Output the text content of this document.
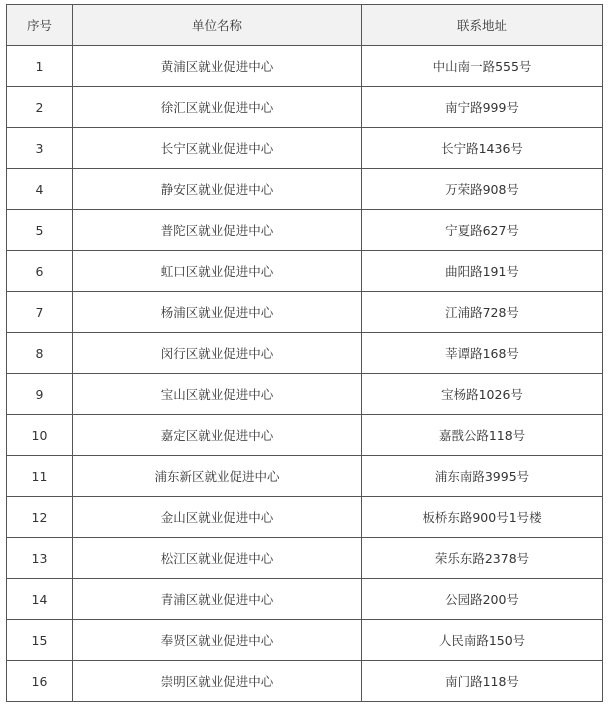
序号	单位名称	联系地址
1	黄浦区就业促进中心	中山南一路555号
2	徐汇区就业促进中心	南宁路999号
3	长宁区就业促进中心	长宁路1436号
4	静安区就业促进中心	万荣路908号
5	普陀区就业促进中心	宁夏路627号
6	虹口区就业促进中心	曲阳路191号
7	杨浦区就业促进中心	江浦路728号
8	闵行区就业促进中心	莘谭路168号
9	宝山区就业促进中心	宝杨路1026号
10	嘉定区就业促进中心	嘉戬公路118号
11	浦东新区就业促进中心	浦东南路3995号
12	金山区就业促进中心	板桥东路900号1号楼
13	松江区就业促进中心	荣乐东路2378号
14	青浦区就业促进中心	公园路200号
15	奉贤区就业促进中心	人民南路150号
16	崇明区就业促进中心	南门路118号
